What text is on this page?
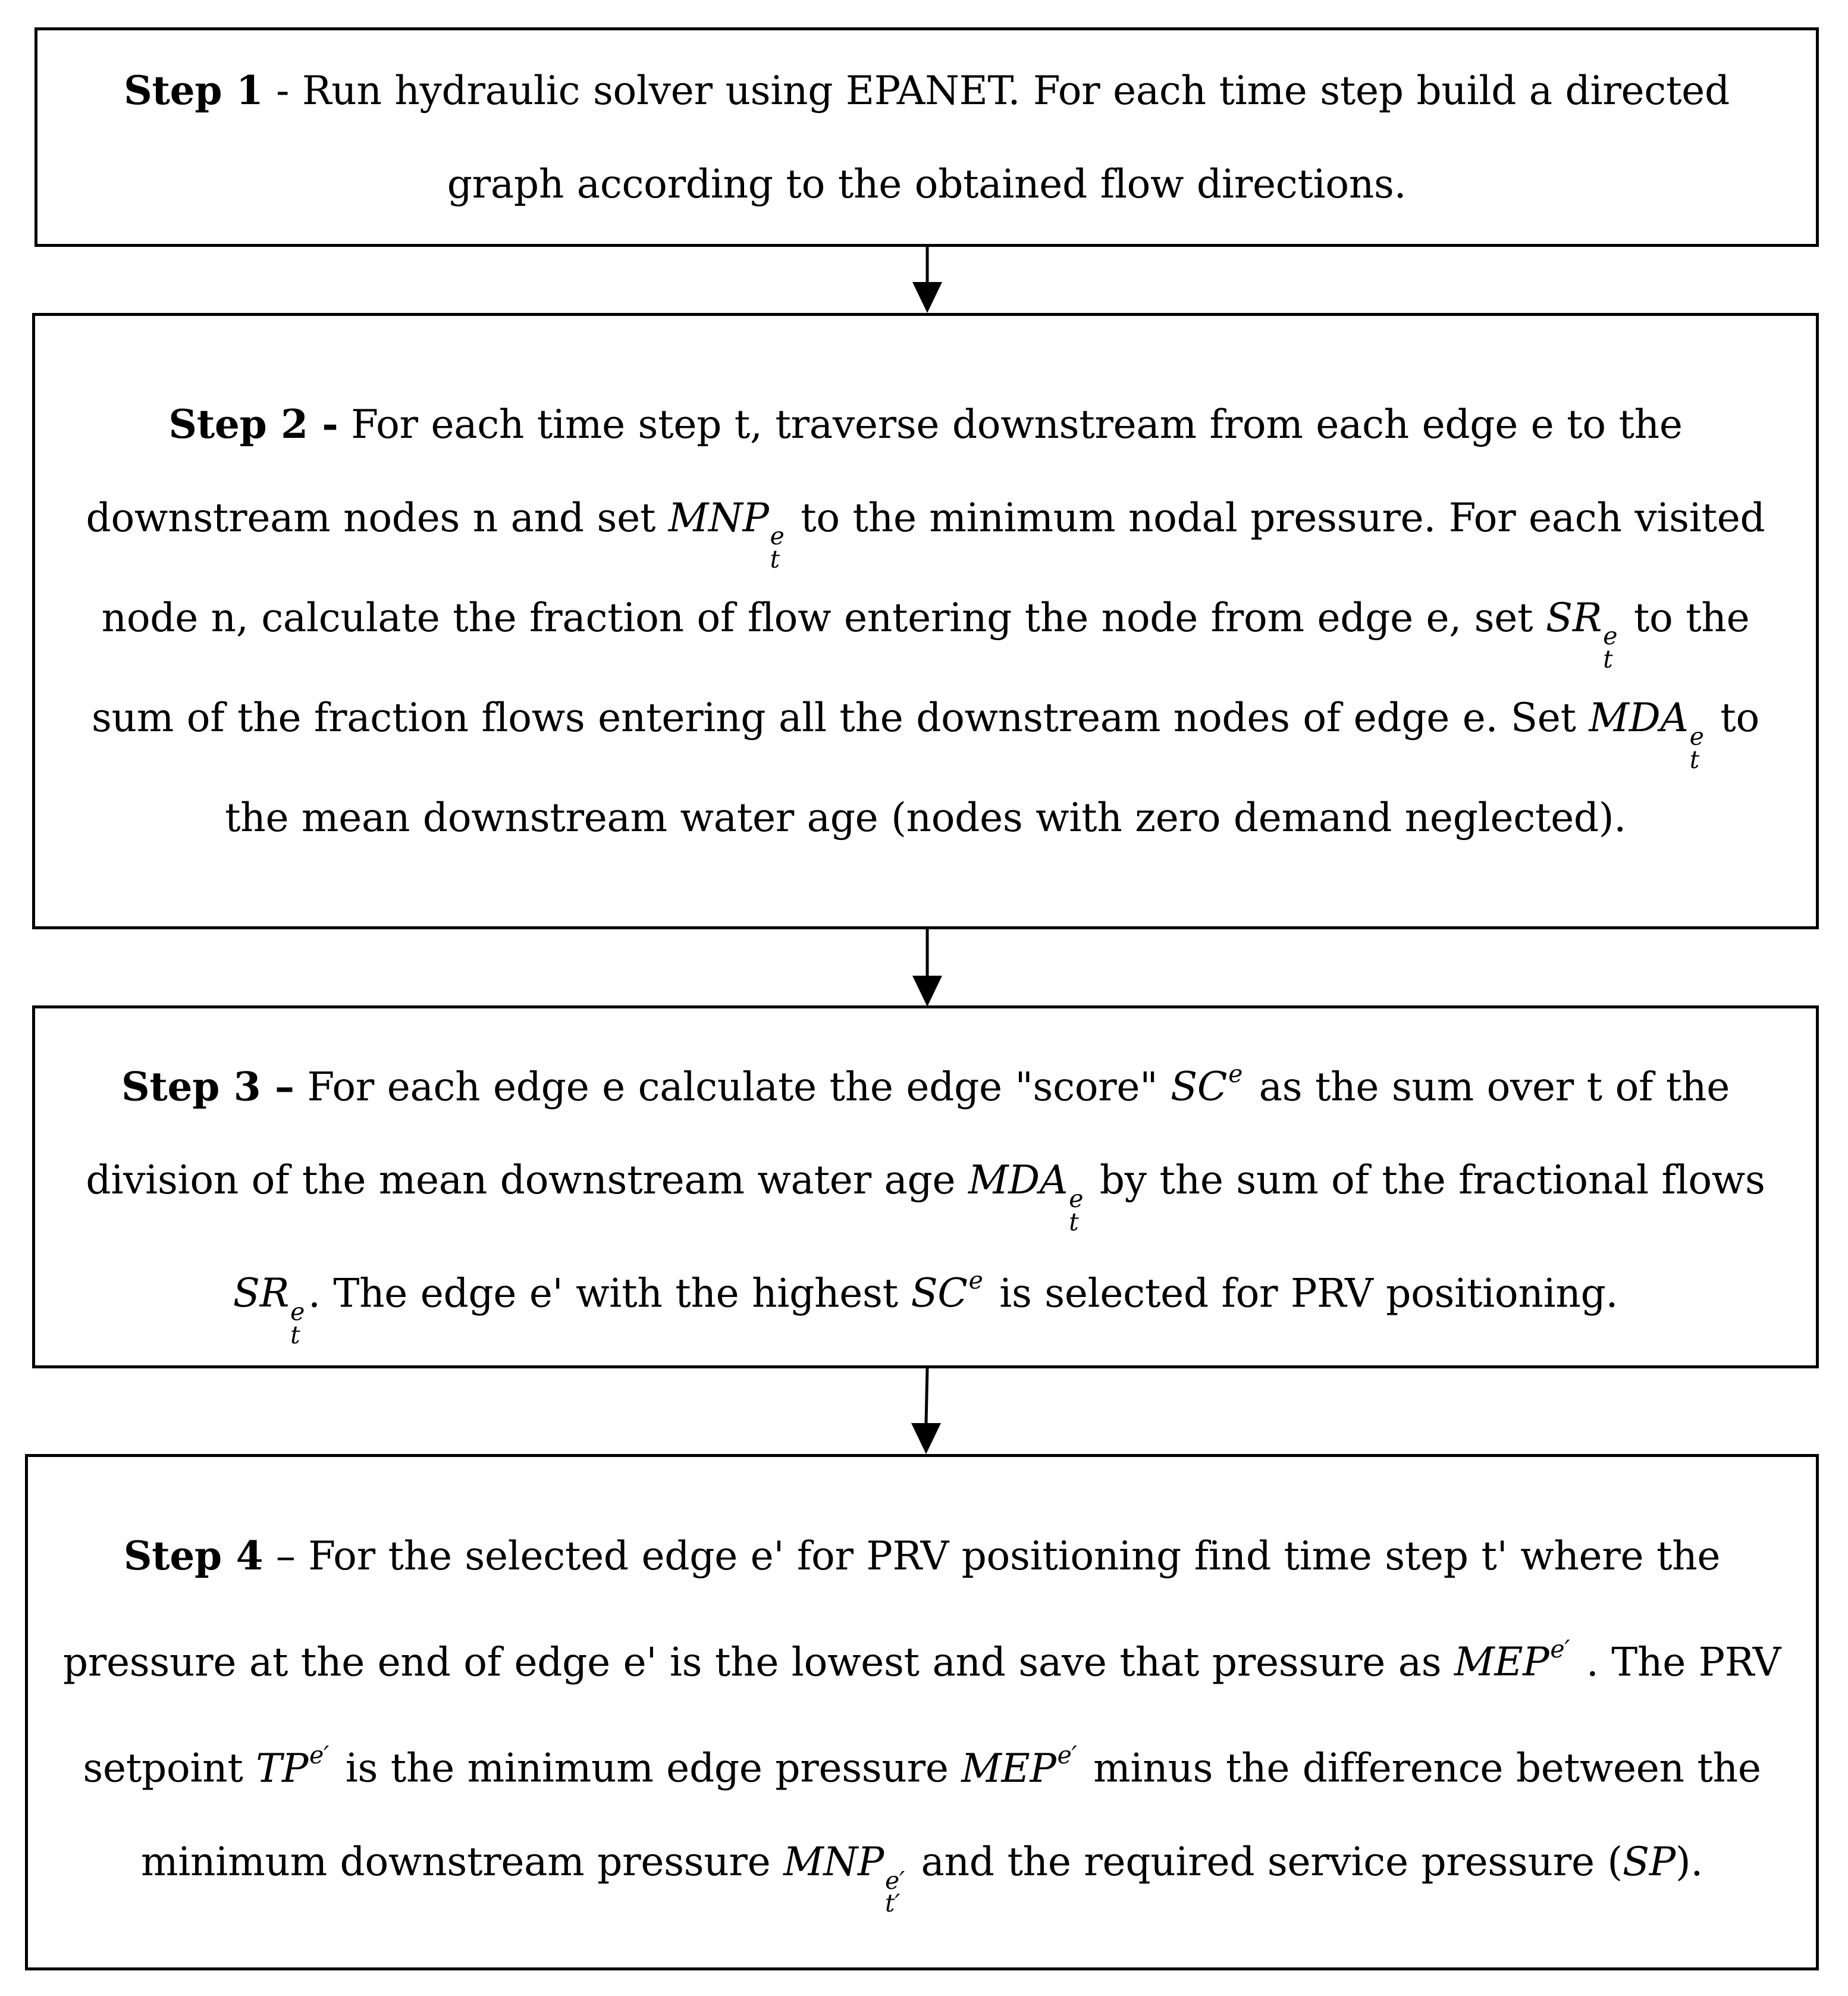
Step 1 - Run hydraulic solver using EPANET. For each time step build a directed graph according to the obtained flow directions.

Step 2 - For each time step t, traverse downstream from each edge e to the downstream nodes n and set MNP e
t
to the minimum nodal pressure. For each visited node n, calculate the fraction of flow entering the node from edge e, set SR e
t
to the sum of the fraction flows entering all the downstream nodes of edge e. Set MDA e
t
to the mean downstream water age (nodes with zero demand neglected).

Step 3 – For each edge e calculate the edge "score" $SC^e$ as the sum over t of the division of the mean downstream water age MDA e
t
by the sum of the fractional flows SR e
t
. The edge e' with the highest $SC^e$ is selected for PRV positioning.

Step 4 – For the selected edge e' for PRV positioning find time step t' where the pressure at the end of edge e' is the lowest and save that pressure as $MEP^{e'}$ . The PRV setpoint $TP^{e'}$ is the minimum edge pressure $MEP^{e'}$ minus the difference between the minimum downstream pressure MNP e′
t′
and the required service pressure (SP).
